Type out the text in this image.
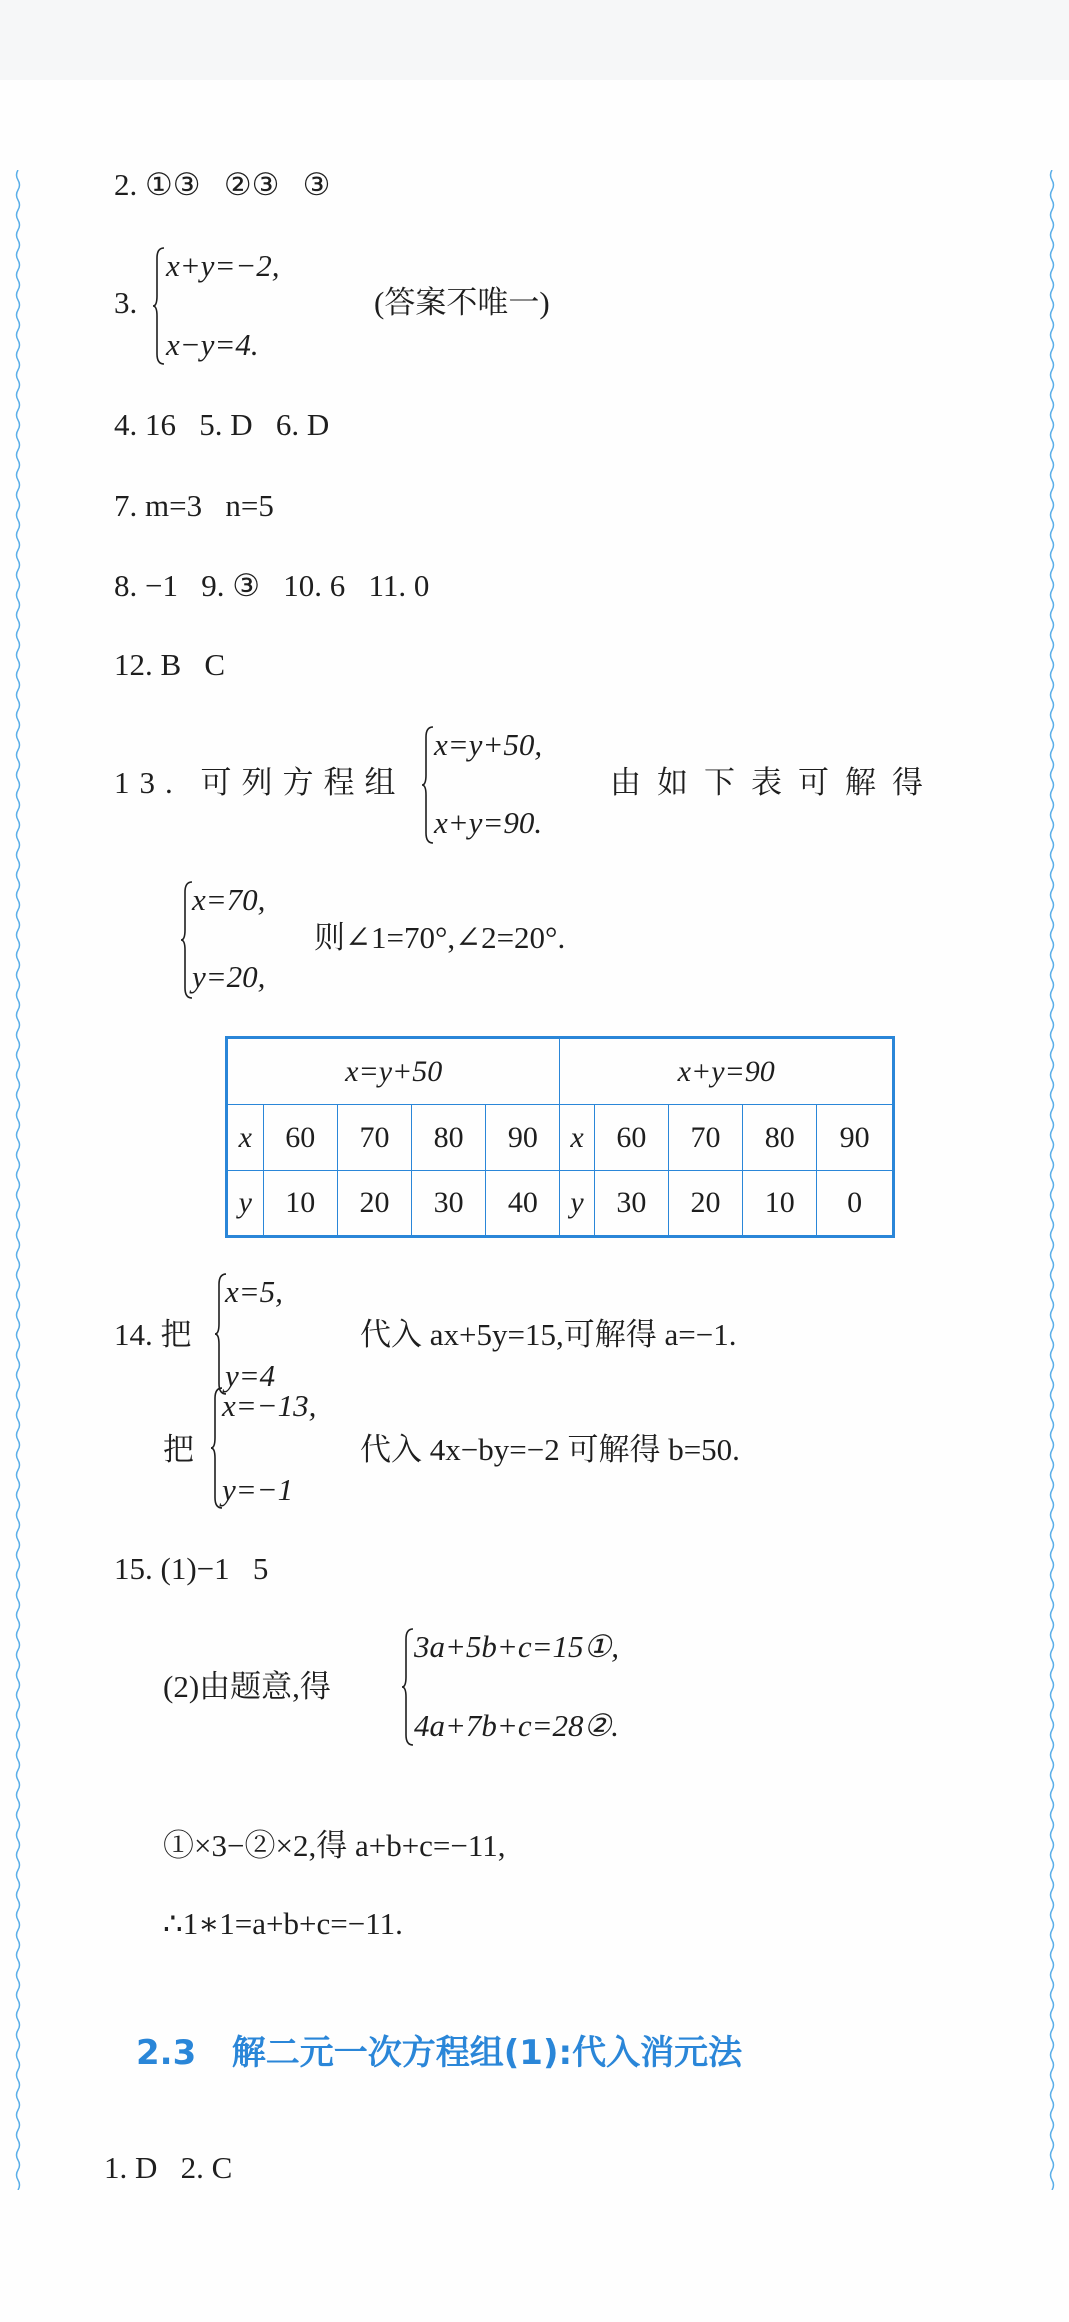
2. ①③   ②③   ③
3.
x+y=−2,
x−y=4.
(答案不唯一)
4. 16   5. D   6. D
7. m=3   n=5
8. −1   9. ③   10. 6   11. 0
12. B   C
13. 可列方程组
x=y+50,
x+y=90.
由如下表可解得
x=70,
y=20,
则∠1=70°,∠2=20°.
x=y+50					x+y=90				
x	60	70	80	90	x	60	70	80	90
y	10	20	30	40	y	30	20	10	0
14. 把
x=5,
y=4
代入 ax+5y=15,可解得 a=−1.
把
x=−13,
y=−1
代入 4x−by=−2 可解得 b=50.
15. (1)−1   5
(2)由题意,得
3a+5b+c=15①,
4a+7b+c=28②.
①×3−②×2,得 a+b+c=−11,
∴1∗1=a+b+c=−11.
2.3 解二元一次方程组(1):代入消元法
1. D   2. C
